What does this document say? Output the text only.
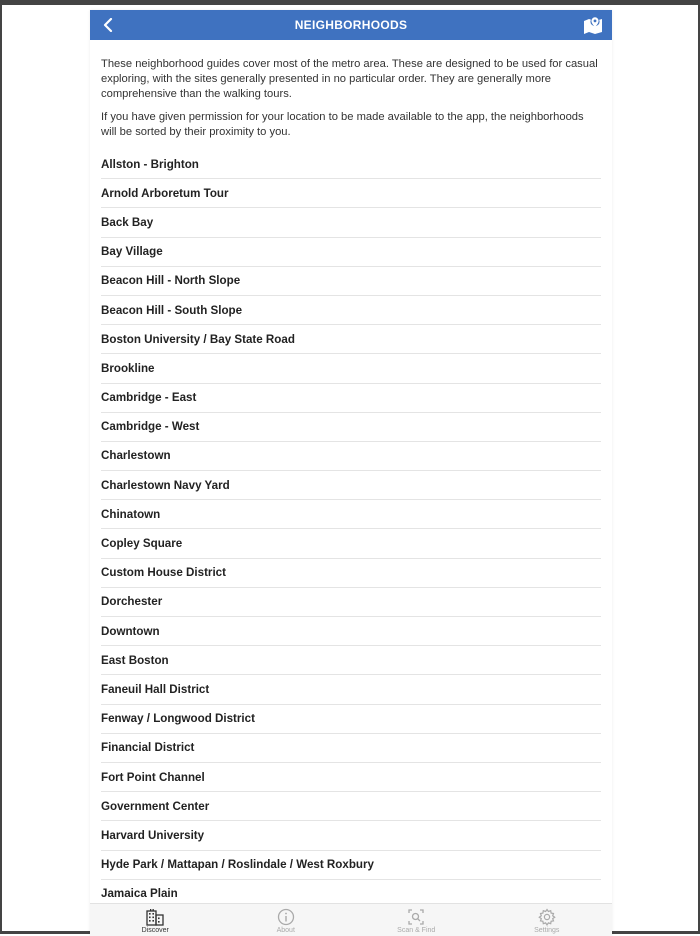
NEIGHBORHOODS

These neighborhood guides cover most of the metro area. These are designed to be used for casual exploring, with the sites generally presented in no particular order. They are generally more comprehensive than the walking tours.

If you have given permission for your location to be made available to the app, the neighborhoods will be sorted by their proximity to you.

Allston - Brighton
Arnold Arboretum Tour
Back Bay
Bay Village
Beacon Hill - North Slope
Beacon Hill - South Slope
Boston University / Bay State Road
Brookline
Cambridge - East
Cambridge - West
Charlestown
Charlestown Navy Yard
Chinatown
Copley Square
Custom House District
Dorchester
Downtown
East Boston
Faneuil Hall District
Fenway / Longwood District
Financial District
Fort Point Channel
Government Center
Harvard University
Hyde Park / Mattapan / Roslindale / West Roxbury
Jamaica Plain
Discover	About	Scan & Find	Settings
